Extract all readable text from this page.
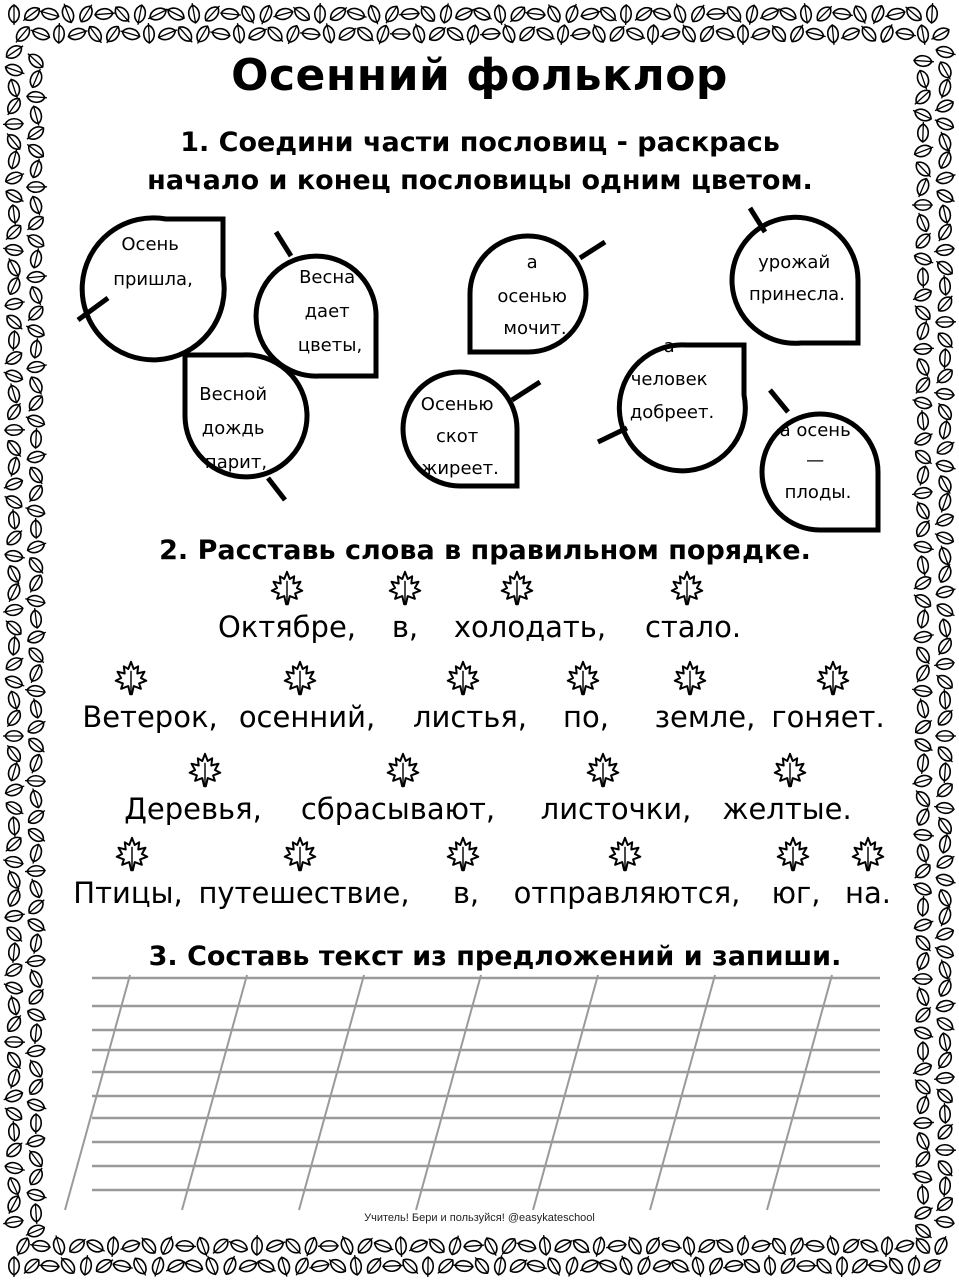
Осенний фольклор
1. Соедини части пословиц - раскрась
начало и конец пословицы одним цветом.
Осень пришла,	Весна дает цветы,
а осенью мочит.
урожай принесла.
Весной дождь парит,
Осенью скот жиреет.
а человек добреет.
а осень — плоды.
2. Расставь слова в правильном порядке.
Октябре, в, холодать, стало.
Ветерок, осенний, листья, по, земле, гоняет.
Деревья, сбрасывают, листочки, желтые.
Птицы, путешествие, в, отправляются, юг, на.
3. Составь текст из предложений и запиши.
Учитель! Бери и пользуйся! @easykateschool
